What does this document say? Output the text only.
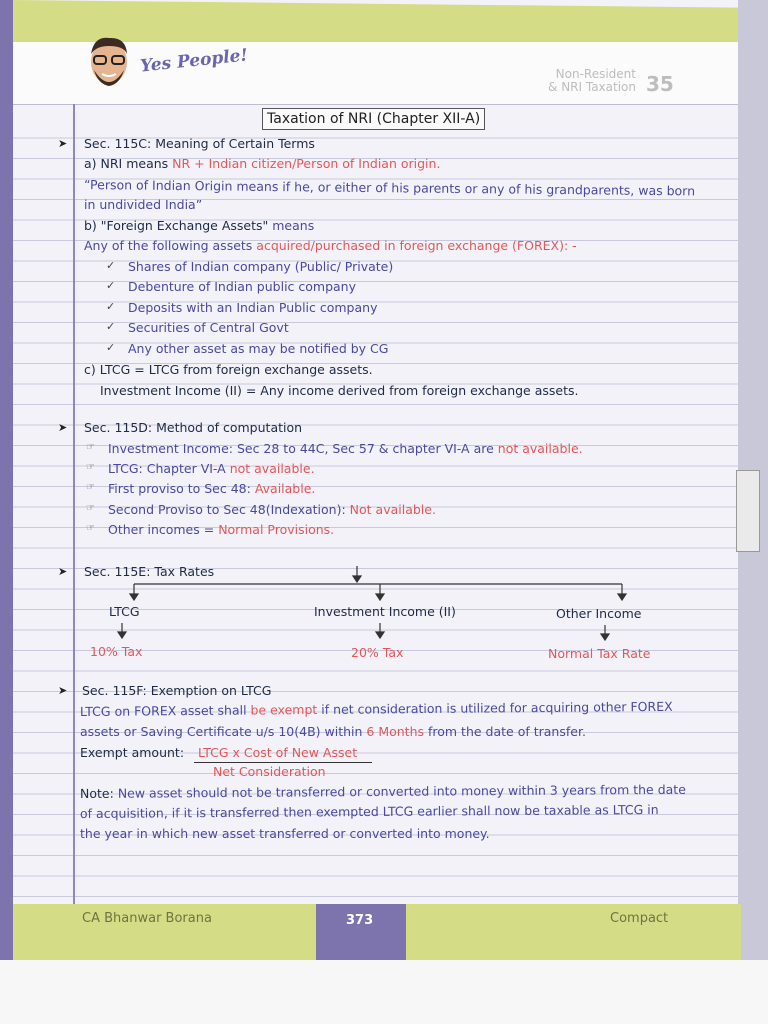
Yes People!	Non-Resident
& NRI Taxation 35
Taxation of NRI (Chapter XII-A)
➤ Sec. 115C: Meaning of Certain Terms
a) NRI means NR + Indian citizen/Person of Indian origin.
“Person of Indian Origin means if he, or either of his parents or any of his grandparents, was born
in undivided India”
b) "Foreign Exchange Assets" means
Any of the following assets acquired/purchased in foreign exchange (FOREX): -
✓ Shares of Indian company (Public/ Private)
✓ Debenture of Indian public company
✓ Deposits with an Indian Public company
✓ Securities of Central Govt
✓ Any other asset as may be notified by CG
c) LTCG = LTCG from foreign exchange assets.
Investment Income (II) = Any income derived from foreign exchange assets.
➤ Sec. 115D: Method of computation
☞ Investment Income: Sec 28 to 44C, Sec 57 & chapter VI-A are not available.
☞ LTCG: Chapter VI-A not available.
☞ First proviso to Sec 48: Available.
☞ Second Proviso to Sec 48(Indexation): Not available.
☞ Other incomes = Normal Provisions.
➤ Sec. 115E: Tax Rates
LTCG	Investment Income (II)	Other Income
10% Tax	20% Tax	Normal Tax Rate
➤ Sec. 115F: Exemption on LTCG
LTCG on FOREX asset shall be exempt if net consideration is utilized for acquiring other FOREX
assets or Saving Certificate u/s 10(4B) within 6 Months from the date of transfer.
Exempt amount: LTCG x Cost of New Asset
Net Consideration
Note: New asset should not be transferred or converted into money within 3 years from the date
of acquisition, if it is transferred then exempted LTCG earlier shall now be taxable as LTCG in
the year in which new asset transferred or converted into money.
CA Bhanwar Borana	373	Compact
